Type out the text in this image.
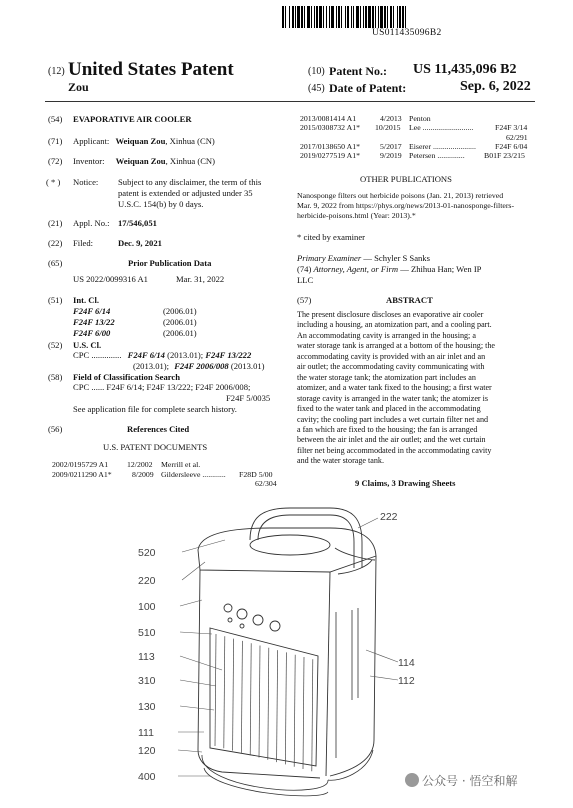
US011435096B2
(12) United States Patent
Zou
(10) Patent No.: US 11,435,096 B2
(45) Date of Patent:	Sep. 6, 2022
(54) EVAPORATIVE AIR COOLER
(71) Applicant: Weiquan Zou, Xinhua (CN)
(72) Inventor: Weiquan Zou, Xinhua (CN)
( * ) Notice: Subject to any disclaimer, the term of this
patent is extended or adjusted under 35
U.S.C. 154(b) by 0 days.
(21) Appl. No.: 17/546,051
(22) Filed:	Dec. 9, 2021
(65)	Prior Publication Data
US 2022/0099316 A1	Mar. 31, 2022
(51) Int. Cl.
F24F 6/14	(2006.01)
F24F 13/22	(2006.01)
F24F 6/00	(2006.01)
(52) U.S. Cl.
CPC .............. F24F 6/14 (2013.01); F24F 13/222
(2013.01); F24F 2006/008 (2013.01)
(58) Field of Classification Search
CPC ...... F24F 6/14; F24F 13/222; F24F 2006/008;
F24F 5/0035
See application file for complete search history.
(56)	References Cited
U.S. PATENT DOCUMENTS
2002/0195729 A1 12/2002 Merrill et al.
2009/0211290 A1*	8/2009 Gildersleeve ............ F28D 5/00
62/304
2013/0081414 A1	4/2013 Penton
2015/0308732 A1* 10/2015 Lee ..........................	F24F 3/14
62/291
2017/0138650 A1*	5/2017 Eiserer ...................... F24F 6/04
2019/0277519 A1*	9/2019 Petersen .............. B01F 23/215
OTHER PUBLICATIONS
Nanosponge filters out herbicide poisons (Jan. 21, 2013) retrieved
Mar. 9, 2022 from https://phys.org/news/2013-01-nanosponge-filters-
herbicide-poisons.html (Year: 2013).*
* cited by examiner
Primary Examiner — Schyler S Sanks
(74) Attorney, Agent, or Firm — Zhihua Han; Wen IP
LLC
(57)	ABSTRACT
The present disclosure discloses an evaporative air cooler
including a housing, an atomization part, and a cooling part.
An accommodating cavity is arranged in the housing; a
water storage tank is arranged at a bottom of the housing; the
accommodating cavity is provided with an air inlet and an
air outlet; the accommodating cavity communicating with
the water storage tank; the atomization part includes an
atomizer, and a water tank fixed to the housing; a first water
storage cavity is arranged in the water tank; the atomizer is
fixed to the water tank and placed in the accommodating
cavity; the cooling part includes a wet curtain filter net and
a fan which are fixed to the housing; the fan is arranged
between the air inlet and the air outlet; and the wet curtain
filter net being accommodated in the accommodating cavity
and the water storage tank.
9 Claims, 3 Drawing Sheets
520
220
100
510
113
310
130
111
120
400
222
114
112
公众号 · 悟空和解
